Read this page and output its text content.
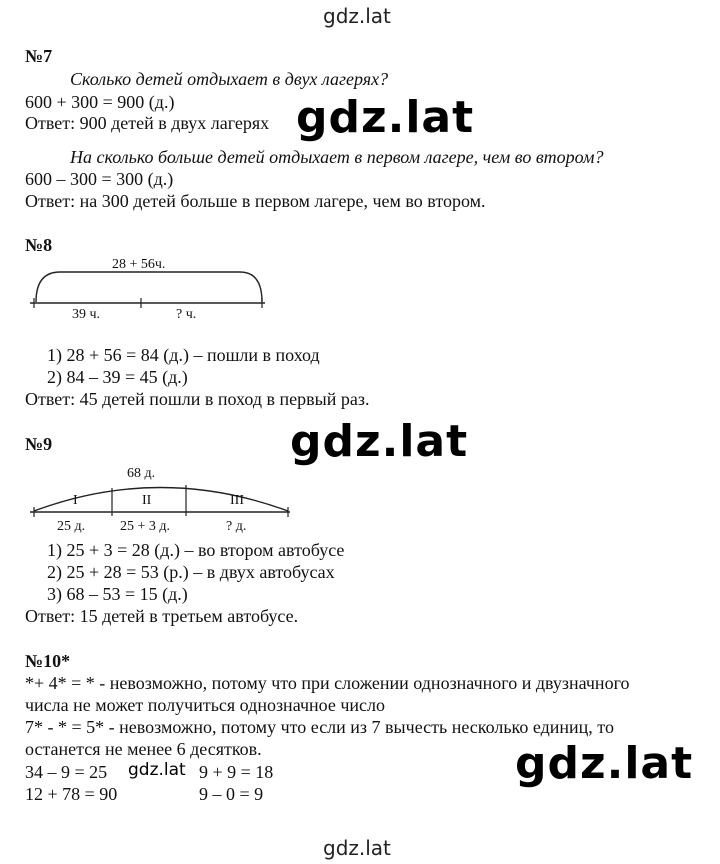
gdz.lat
№7
Сколько детей отдыхает в двух лагерях?
600 + 300 = 900 (д.)
Ответ: 900 детей в двух лагерях gdz.lat
На сколько больше детей отдыхает в первом лагере, чем во втором?
600 – 300 = 300 (д.)
Ответ: на 300 детей больше в первом лагере, чем во втором.
№8
28 + 56ч.
39 ч.	? ч.
1) 28 + 56 = 84 (д.) – пошли в поход
2) 84 – 39 = 45 (д.)
Ответ: 45 детей пошли в поход в первый раз.
№9	gdz.lat
68 д.
I	II	III
25 д. 25 + 3 д.	? д.
1) 25 + 3 = 28 (д.) – во втором автобусе
2) 25 + 28 = 53 (р.) – в двух автобусах
3) 68 – 53 = 15 (д.)
Ответ: 15 детей в третьем автобусе.
№10*
*+ 4* = * - невозможно, потому что при сложении однозначного и двузначного
числа не может получиться однозначное число
7* - * = 5* - невозможно, потому что если из 7 вычесть несколько единиц, то
останется не менее 6 десятков.
34 – 9 = 25 gdz.lat 9 + 9 = 18
12 + 78 = 90	9 – 0 = 9
gdz.lat
gdz.lat
